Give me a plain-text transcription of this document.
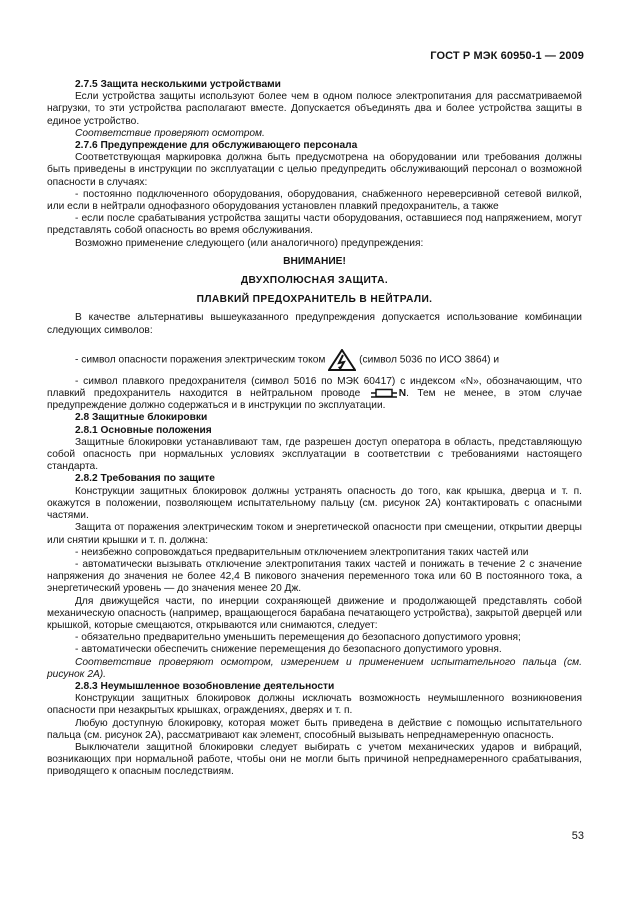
ГОСТ Р МЭК 60950-1 — 2009

2.7.5 Защита несколькими устройствами

Если устройства защиты используют более чем в одном полюсе электропитания для рассматриваемой нагрузки, то эти устройства располагают вместе. Допускается объединять два и более устройства защиты в единое устройство.

Соответствие проверяют осмотром.

2.7.6 Предупреждение для обслуживающего персонала

Соответствующая маркировка должна быть предусмотрена на оборудовании или требования должны быть приведены в инструкции по эксплуатации с целью предупредить обслуживающий персонал о возможной опасности в случаях:

- постоянно подключенного оборудования, оборудования, снабженного нереверсивной сетевой вилкой, или если в нейтрали однофазного оборудования установлен плавкий предохранитель, а также

- если после срабатывания устройства защиты части оборудования, оставшиеся под напряжением, могут представлять собой опасность во время обслуживания.

Возможно применение следующего (или аналогичного) предупреждения:

ВНИМАНИЕ!

ДВУХПОЛЮСНАЯ ЗАЩИТА.

ПЛАВКИЙ ПРЕДОХРАНИТЕЛЬ В НЕЙТРАЛИ.

В качестве альтернативы вышеуказанного предупреждения допускается использование комбинации следующих символов:

- символ опасности поражения электрическим током	(символ 5036 по ИСО 3864) и

- символ плавкого предохранителя (символ 5016 по МЭК 60417) с индексом «N», обозначающим, что плавкий предохранитель находится в нейтральном проводе	N. Тем не менее, в этом случае предупреждение должно содержаться и в инструкции по эксплуатации.

2.8 Защитные блокировки

2.8.1 Основные положения

Защитные блокировки устанавливают там, где разрешен доступ оператора в область, представляющую собой опасность при нормальных условиях эксплуатации в соответствии с требованиями настоящего стандарта.

2.8.2 Требования по защите

Конструкции защитных блокировок должны устранять опасность до того, как крышка, дверца и т. п. окажутся в положении, позволяющем испытательному пальцу (см. рисунок 2А) контактировать с опасными частями.

Защита от поражения электрическим током и энергетической опасности при смещении, открытии дверцы или снятии крышки и т. п. должна:

- неизбежно сопровождаться предварительным отключением электропитания таких частей или

- автоматически вызывать отключение электропитания таких частей и понижать в течение 2 с значение напряжения до значения не более 42,4 В пикового значения переменного тока или 60 В постоянного тока, а энергетический уровень — до значения менее 20 Дж.

Для движущейся части, по инерции сохраняющей движение и продолжающей представлять собой механическую опасность (например, вращающегося барабана печатающего устройства), закрытой дверцей или крышкой, которые смещаются, открываются или снимаются, следует:

- обязательно предварительно уменьшить перемещения до безопасного допустимого уровня;

- автоматически обеспечить снижение перемещения до безопасного допустимого уровня.

Соответствие проверяют осмотром, измерением и применением испытательного пальца (см. рисунок 2А).

2.8.3 Неумышленное возобновление деятельности

Конструкции защитных блокировок должны исключать возможность неумышленного возникновения опасности при незакрытых крышках, ограждениях, дверях и т. п.

Любую доступную блокировку, которая может быть приведена в действие с помощью испытательного пальца (см. рисунок 2А), рассматривают как элемент, способный вызывать непреднамеренную опасность.

Выключатели защитной блокировки следует выбирать с учетом механических ударов и вибраций, возникающих при нормальной работе, чтобы они не могли быть причиной непреднамеренного срабатывания, приводящего к опасным последствиям.

53
